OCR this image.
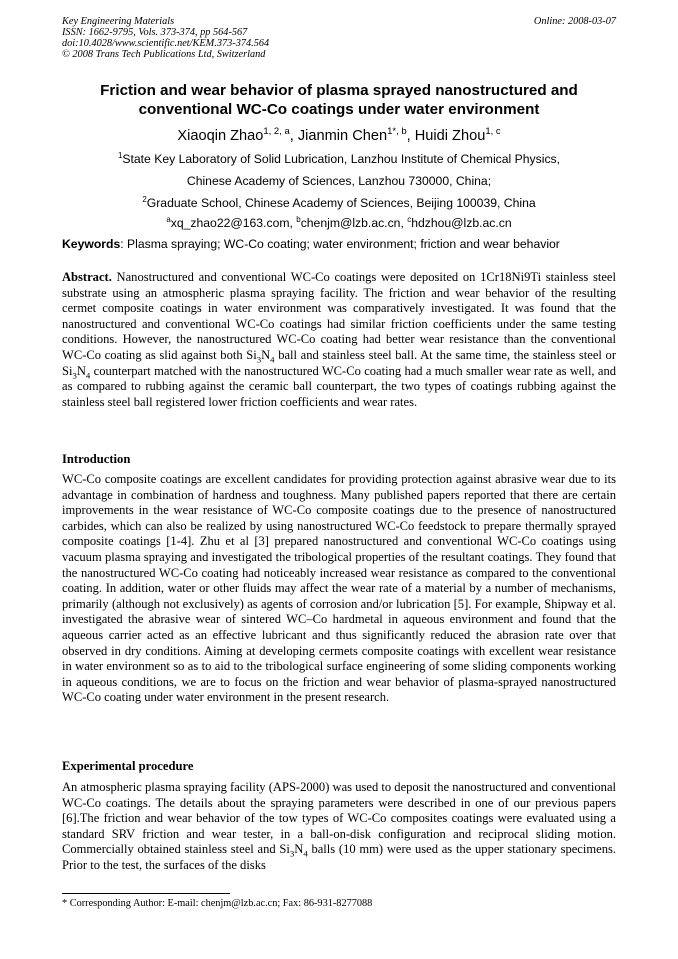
Key Engineering Materials
ISSN: 1662-9795, Vols. 373-374, pp 564-567
doi:10.4028/www.scientific.net/KEM.373-374.564
© 2008 Trans Tech Publications Ltd, Switzerland
Online: 2008-03-07
Friction and wear behavior of plasma sprayed nanostructured and conventional WC-Co coatings under water environment
Xiaoqin Zhao$^{1, 2, a}$, Jianmin Chen$^{1*, b}$, Huidi Zhou$^{1, c}$
$^1$State Key Laboratory of Solid Lubrication, Lanzhou Institute of Chemical Physics,
Chinese Academy of Sciences, Lanzhou 730000, China;
$^2$Graduate School, Chinese Academy of Sciences, Beijing 100039, China
$^a$xq_zhao22@163.com, $^b$chenjm@lzb.ac.cn, $^c$hdzhou@lzb.ac.cn
Keywords: Plasma spraying; WC-Co coating; water environment; friction and wear behavior

Abstract. Nanostructured and conventional WC-Co coatings were deposited on 1Cr18Ni9Ti stainless steel substrate using an atmospheric plasma spraying facility. The friction and wear behavior of the resulting cermet composite coatings in water environment was comparatively investigated. It was found that the nanostructured and conventional WC-Co coatings had similar friction coefficients under the same testing conditions. However, the nanostructured WC-Co coating had better wear resistance than the conventional WC-Co coating as slid against both $Si_3N_4$ ball and stainless steel ball. At the same time, the stainless steel or $Si_3N_4$ counterpart matched with the nanostructured WC-Co coating had a much smaller wear rate as well, and as compared to rubbing against the ceramic ball counterpart, the two types of coatings rubbing against the stainless steel ball registered lower friction coefficients and wear rates.

Introduction

WC-Co composite coatings are excellent candidates for providing protection against abrasive wear due to its advantage in combination of hardness and toughness. Many published papers reported that there are certain improvements in the wear resistance of WC-Co composite coatings due to the presence of nanostructured carbides, which can also be realized by using nanostructured WC-Co feedstock to prepare thermally sprayed composite coatings [1-4]. Zhu et al [3] prepared nanostructured and conventional WC-Co coatings using vacuum plasma spraying and investigated the tribological properties of the resultant coatings. They found that the nanostructured WC-Co coating had noticeably increased wear resistance as compared to the conventional coating. In addition, water or other fluids may affect the wear rate of a material by a number of mechanisms, primarily (although not exclusively) as agents of corrosion and/or lubrication [5]. For example, Shipway et al. investigated the abrasive wear of sintered WC–Co hardmetal in aqueous environment and found that the aqueous carrier acted as an effective lubricant and thus significantly reduced the abrasion rate over that observed in dry conditions. Aiming at developing cermets composite coatings with excellent wear resistance in water environment so as to aid to the tribological surface engineering of some sliding components working in aqueous conditions, we are to focus on the friction and wear behavior of plasma-sprayed nanostructured WC-Co coating under water environment in the present research.

Experimental procedure

An atmospheric plasma spraying facility (APS-2000) was used to deposit the nanostructured and conventional WC-Co coatings. The details about the spraying parameters were described in one of our previous papers [6].The friction and wear behavior of the tow types of WC-Co composites coatings were evaluated using a standard SRV friction and wear tester, in a ball-on-disk configuration and reciprocal sliding motion. Commercially obtained stainless steel and $Si_3N_4$ balls (10 mm) were used as the upper stationary specimens. Prior to the test, the surfaces of the disks

* Corresponding Author: E-mail: chenjm@lzb.ac.cn; Fax: 86-931-8277088
